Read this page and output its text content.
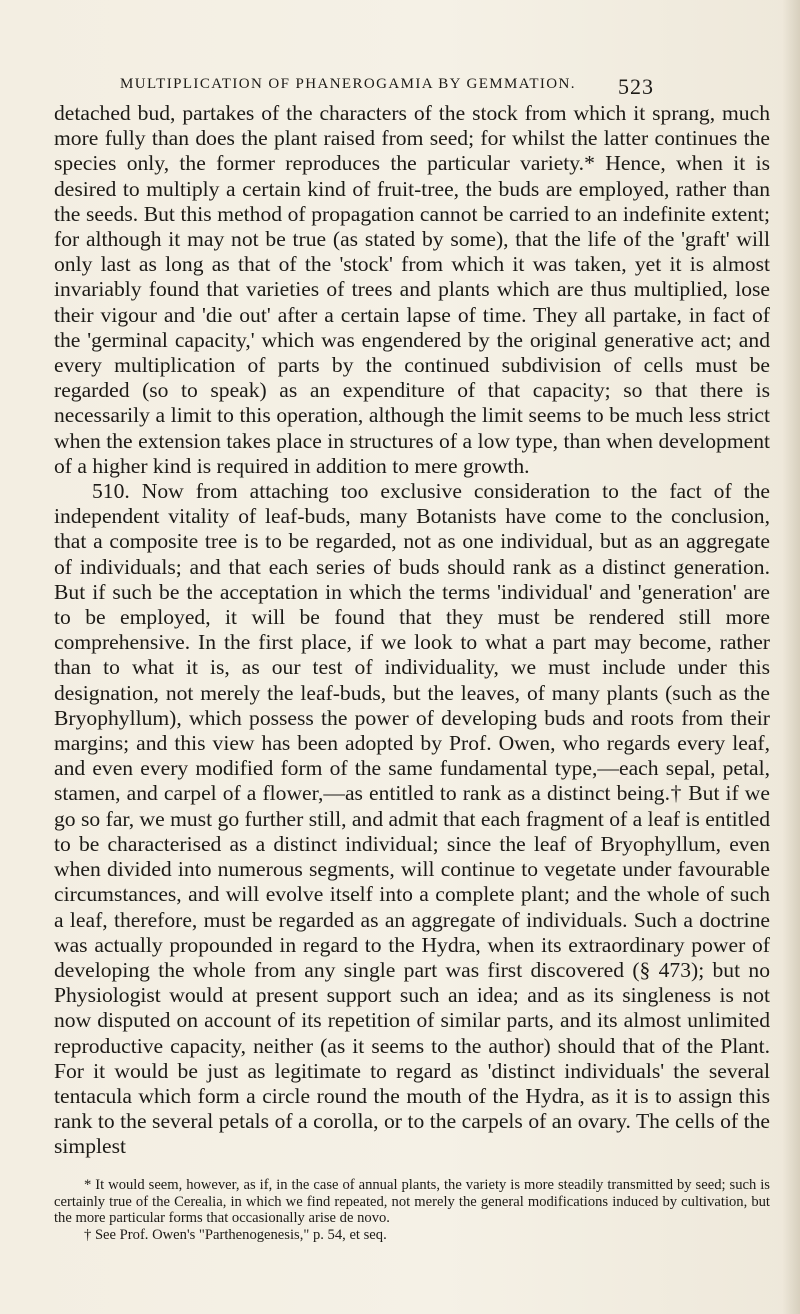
MULTIPLICATION OF PHANEROGAMIA BY GEMMATION.	523

detached bud, partakes of the characters of the stock from which it sprang, much more fully than does the plant raised from seed; for whilst the latter continues the species only, the former reproduces the particular variety.* Hence, when it is desired to multiply a certain kind of fruit-tree, the buds are employed, rather than the seeds. But this method of propagation cannot be carried to an indefinite extent; for although it may not be true (as stated by some), that the life of the 'graft' will only last as long as that of the 'stock' from which it was taken, yet it is almost invariably found that varieties of trees and plants which are thus multiplied, lose their vigour and 'die out' after a certain lapse of time. They all partake, in fact of the 'germinal capacity,' which was engendered by the original generative act; and every multiplication of parts by the continued subdivision of cells must be regarded (so to speak) as an expenditure of that capacity; so that there is necessarily a limit to this operation, although the limit seems to be much less strict when the extension takes place in structures of a low type, than when development of a higher kind is required in addition to mere growth.

510. Now from attaching too exclusive consideration to the fact of the independent vitality of leaf-buds, many Botanists have come to the conclusion, that a composite tree is to be regarded, not as one individual, but as an aggregate of individuals; and that each series of buds should rank as a distinct generation. But if such be the acceptation in which the terms 'individual' and 'generation' are to be employed, it will be found that they must be rendered still more comprehensive. In the first place, if we look to what a part may become, rather than to what it is, as our test of individuality, we must include under this designation, not merely the leaf-buds, but the leaves, of many plants (such as the Bryophyllum), which possess the power of developing buds and roots from their margins; and this view has been adopted by Prof. Owen, who regards every leaf, and even every modified form of the same fundamental type,—each sepal, petal, stamen, and carpel of a flower,—as entitled to rank as a distinct being.† But if we go so far, we must go further still, and admit that each fragment of a leaf is entitled to be characterised as a distinct individual; since the leaf of Bryophyllum, even when divided into numerous segments, will continue to vegetate under favourable circumstances, and will evolve itself into a complete plant; and the whole of such a leaf, therefore, must be regarded as an aggregate of individuals. Such a doctrine was actually propounded in regard to the Hydra, when its extraordinary power of developing the whole from any single part was first discovered (§ 473); but no Physiologist would at present support such an idea; and as its singleness is not now disputed on account of its repetition of similar parts, and its almost unlimited reproductive capacity, neither (as it seems to the author) should that of the Plant. For it would be just as legitimate to regard as 'distinct individuals' the several tentacula which form a circle round the mouth of the Hydra, as it is to assign this rank to the several petals of a corolla, or to the carpels of an ovary. The cells of the simplest

* It would seem, however, as if, in the case of annual plants, the variety is more steadily transmitted by seed; such is certainly true of the Cerealia, in which we find repeated, not merely the general modifications induced by cultivation, but the more particular forms that occasionally arise de novo.

† See Prof. Owen's "Parthenogenesis," p. 54, et seq.
